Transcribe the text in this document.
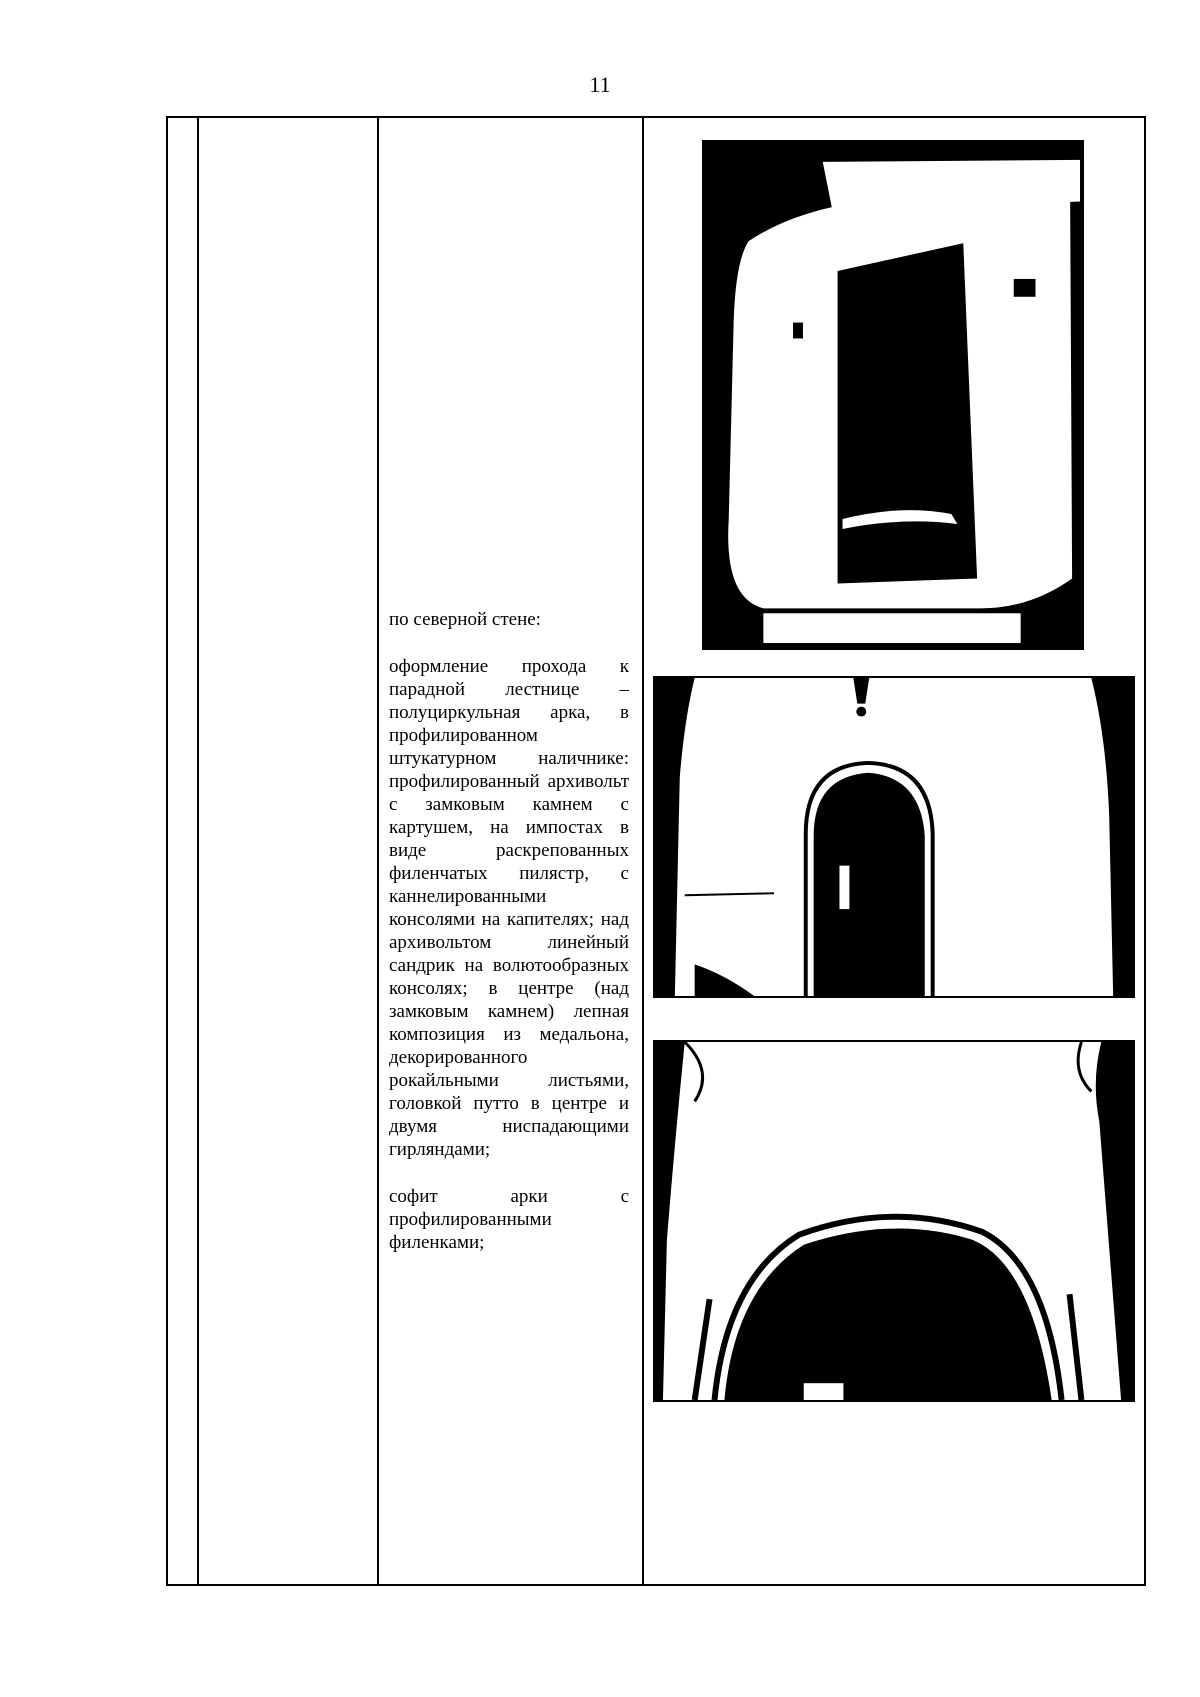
11

по северной стене:

оформление прохода к парадной лестнице – полуциркульная арка, в профилированном штукатурном наличнике: профилированный архивольт с замковым камнем с картушем, на импостах в виде раскрепованных филенчатых пилястр, с каннелированными консолями на капителях; над архивольтом линейный сандрик на волютообразных консолях; в центре (над замковым камнем) лепная композиция из медальона, декорированного рокайльными листьями, головкой путто в центре и двумя ниспадающими гирляндами;

софит арки с профилированными филенками;
